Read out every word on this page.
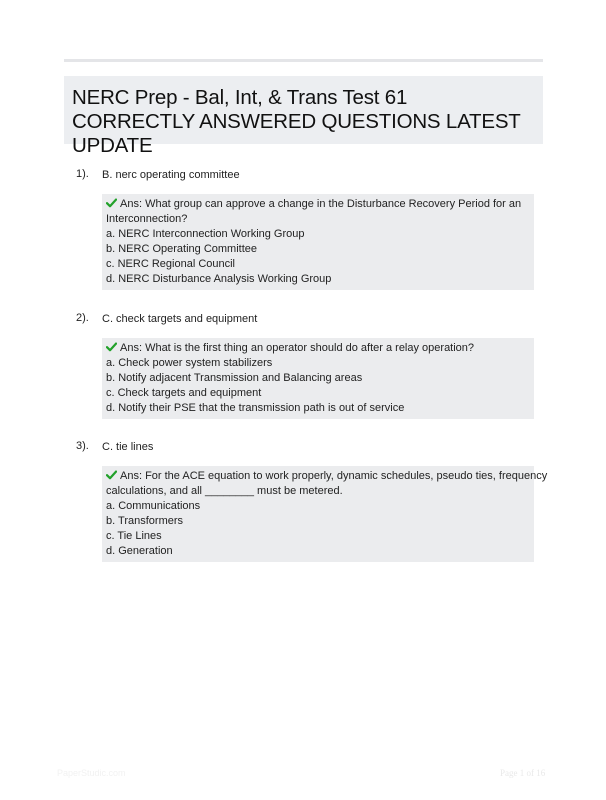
NERC Prep - Bal, Int, & Trans Test 61 CORRECTLY ANSWERED QUESTIONS LATEST UPDATE
1). B. nerc operating committee
Ans: What group can approve a change in the Disturbance Recovery Period for an
Interconnection?
a. NERC Interconnection Working Group
b. NERC Operating Committee
c. NERC Regional Council
d. NERC Disturbance Analysis Working Group
2). C. check targets and equipment
Ans: What is the first thing an operator should do after a relay operation?
a. Check power system stabilizers
b. Notify adjacent Transmission and Balancing areas
c. Check targets and equipment
d. Notify their PSE that the transmission path is out of service
3). C. tie lines
Ans: For the ACE equation to work properly, dynamic schedules, pseudo ties, frequency
calculations, and all ________ must be metered.
a. Communications
b. Transformers
c. Tie Lines
d. Generation
PaperStudic.com	Page 1 of 16
